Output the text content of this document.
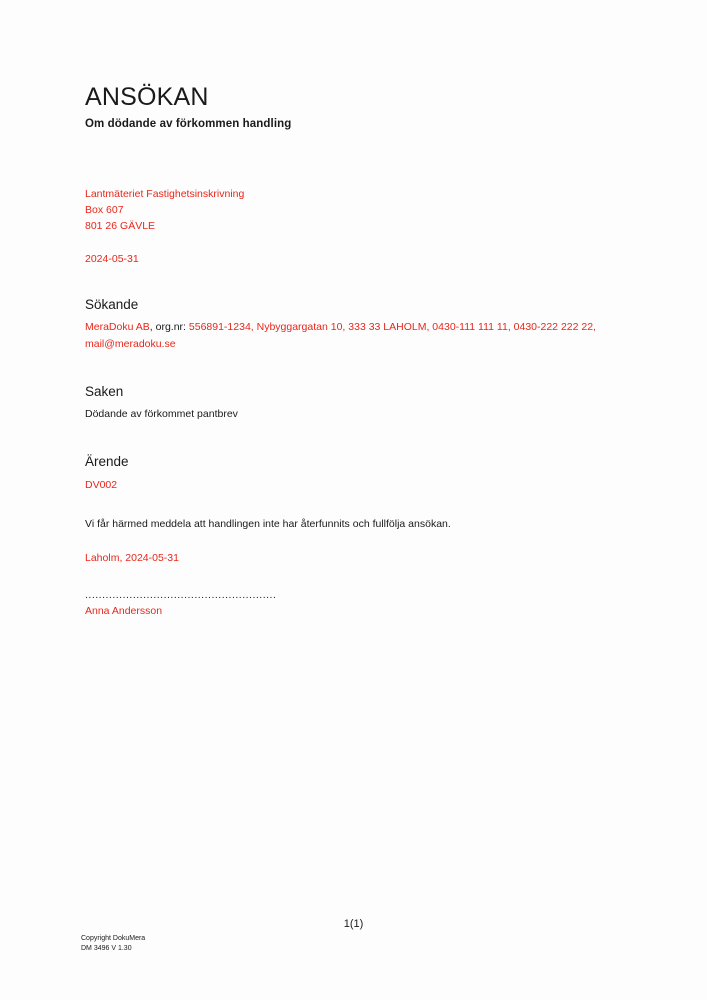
ANSÖKAN

Om dödande av förkommen handling

Lantmäteriet Fastighetsinskrivning
Box 607
801 26 GÄVLE
2024-05-31
Sökande

MeraDoku AB, org.nr: 556891-1234, Nybyggargatan 10, 333 33 LAHOLM, 0430-111 111 11, 0430-222 222 22, mail@meradoku.se

Saken

Dödande av förkommet pantbrev

Ärende

DV002

Vi får härmed meddela att handlingen inte har återfunnits och fullfölja ansökan.

Laholm, 2024-05-31

........................................................
Anna Andersson
1(1)
Copyright DokuMera
DM 3496 V 1.30
